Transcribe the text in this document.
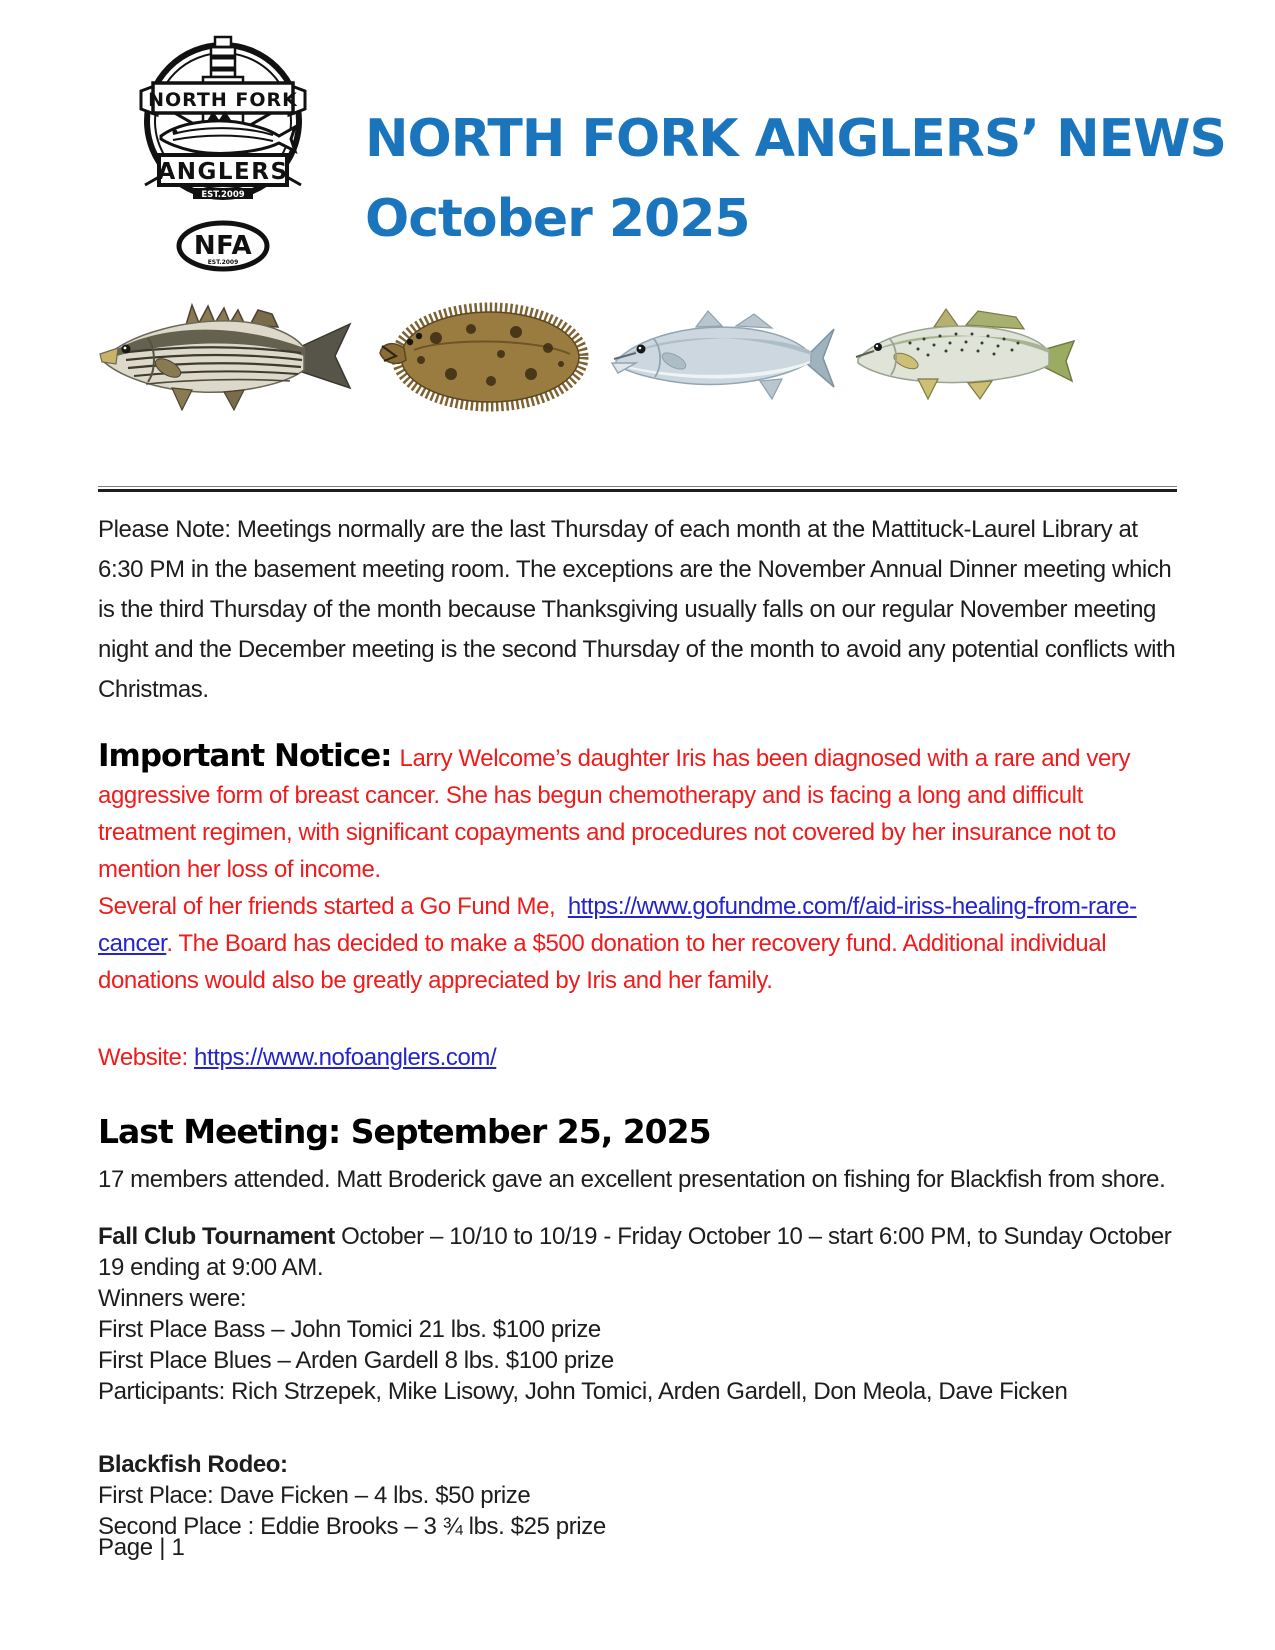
NORTH FORK
ANGLERS
EST.2009
NFA
EST.2009
NORTH FORK ANGLERS’ NEWS
October 2025

Please Note: Meetings normally are the last Thursday of each month at the Mattituck-Laurel Library at 6:30 PM in the basement meeting room. The exceptions are the November Annual Dinner meeting which is the third Thursday of the month because Thanksgiving usually falls on our regular November meeting night and the December meeting is the second Thursday of the month to avoid any potential conflicts with Christmas.

Important Notice: Larry Welcome’s daughter Iris has been diagnosed with a rare and very aggressive form of breast cancer. She has begun chemotherapy and is facing a long and difficult treatment regimen, with significant copayments and procedures not covered by her insurance not to mention her loss of income.
Several of her friends started a Go Fund Me,  https://www.gofundme.com/f/aid-iriss-healing-from-rare-cancer. The Board has decided to make a $500 donation to her recovery fund. Additional individual donations would also be greatly appreciated by Iris and her family.
Website: https://www.nofoanglers.com/
Last Meeting: September 25, 2025

17 members attended. Matt Broderick gave an excellent presentation on fishing for Blackfish from shore.

Fall Club Tournament October – 10/10 to 10/19 - Friday October 10 – start 6:00 PM, to Sunday October 19 ending at 9:00 AM.
Winners were:
First Place Bass – John Tomici 21 lbs. $100 prize
First Place Blues – Arden Gardell 8 lbs. $100 prize
Participants: Rich Strzepek, Mike Lisowy, John Tomici, Arden Gardell, Don Meola, Dave Ficken
Blackfish Rodeo:
First Place: Dave Ficken – 4 lbs. $50 prize
Second Place : Eddie Brooks – 3 ¾ lbs. $25 prize
Page | 1
